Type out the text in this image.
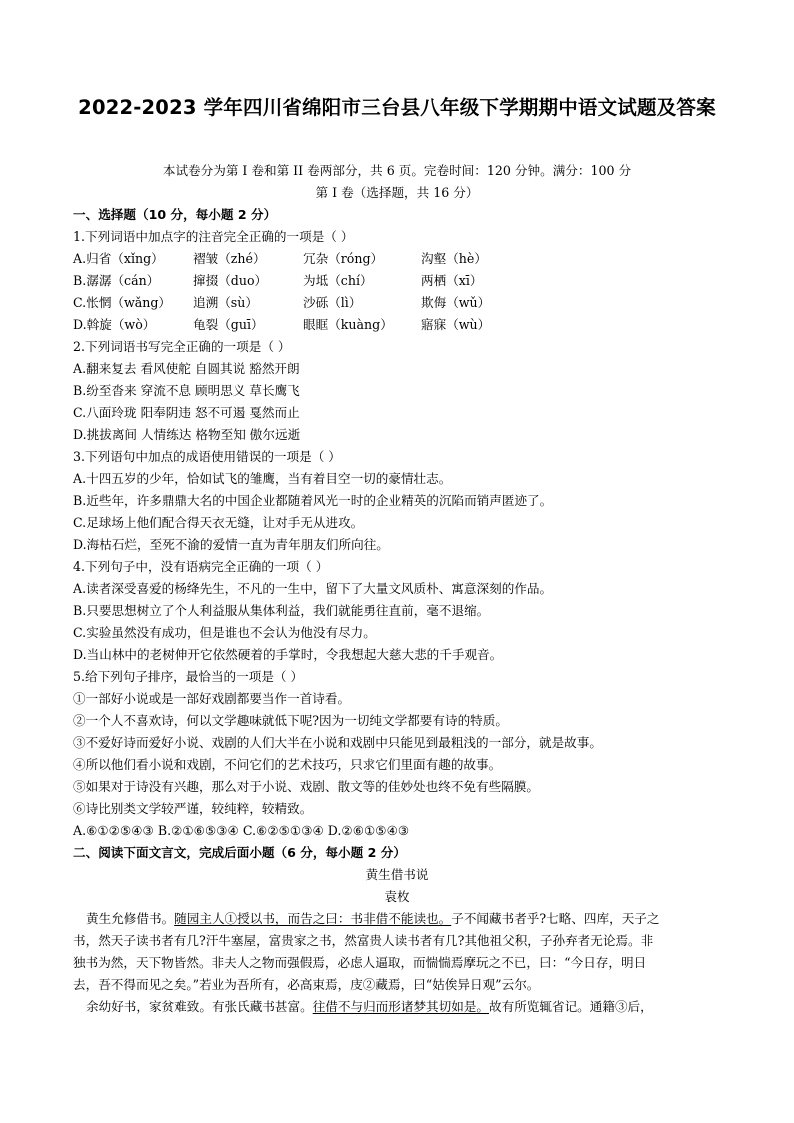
2022-2023 学年四川省绵阳市三台县八年级下学期期中语文试题及答案
本试卷分为第 I 卷和第 II 卷两部分，共 6 页。完卷时间：120 分钟。满分：100 分
第 I 卷（选择题，共 16 分）
一、选择题（10 分，每小题 2 分）
1.下列词语中加点字的注音完全正确的一项是（ ）
A.归省（xǐng） 褶皱（zhé）	冗杂（róng）	沟壑（hè）
B.潺潺（cán）	撺掇（duo）	为坻（chí）	两栖（xī）
C.怅惘（wǎng） 追溯（sù）	沙砾（lì）	欺侮（wǔ）
D.斡旋（wò）	龟裂（guī）	眼眶（kuàng） 寤寐（wù）
2.下列词语书写完全正确的一项是（ ）
A.翻来复去 看风使舵 自圆其说 豁然开朗
B.纷至沓来 穿流不息 顾明思义 草长鹰飞
C.八面玲珑 阳奉阴违 怒不可遏 戛然而止
D.挑拔离间 人情练达 格物至知 傲尔远逝
3.下列语句中加点的成语使用错误的一项是（ ）
A.十四五岁的少年，恰如试飞的雏鹰，当有着目空一切的豪情壮志。
B.近些年，许多鼎鼎大名的中国企业都随着风光一时的企业精英的沉陷而销声匿迹了。
C.足球场上他们配合得天衣无缝，让对手无从进攻。
D.海枯石烂，至死不渝的爱情一直为青年朋友们所向往。
4.下列句子中，没有语病完全正确的一项（ ）
A.读者深受喜爱的杨绛先生，不凡的一生中，留下了大量文风质朴、寓意深刻的作品。
B.只要思想树立了个人利益服从集体利益，我们就能勇往直前，毫不退缩。
C.实验虽然没有成功，但是谁也不会认为他没有尽力。
D.当山林中的老树伸开它依然硬着的手掌时，令我想起大慈大悲的千手观音。
5.给下列句子排序，最恰当的一项是（ ）
①一部好小说或是一部好戏剧都要当作一首诗看。
②一个人不喜欢诗，何以文学趣味就低下呢?因为一切纯文学都要有诗的特质。
③不爱好诗而爱好小说、戏剧的人们大半在小说和戏剧中只能见到最粗浅的一部分，就是故事。
④所以他们看小说和戏剧，不问它们的艺术技巧，只求它们里面有趣的故事。
⑤如果对于诗没有兴趣，那么对于小说、戏剧、散文等的佳妙处也终不免有些隔膜。
⑥诗比别类文学较严谨，较纯粹，较精致。
A.⑥①②⑤④③ B.②①⑥⑤③④ C.⑥②⑤①③④ D.②⑥①⑤④③
二、阅读下面文言文，完成后面小题（6 分，每小题 2 分）
黄生借书说
袁枚
黄生允修借书。随园主人①授以书，而告之曰：书非借不能读也。子不闻藏书者乎?七略、四库，天子之
书，然天子读书者有几?汗牛塞屋，富贵家之书，然富贵人读书者有几?其他祖父积，子孙弃者无论焉。非
独书为然，天下物皆然。非夫人之物而强假焉，必虑人逼取，而惴惴焉摩玩之不已，曰：“今日存，明日
去，吾不得而见之矣。”若业为吾所有，必高束焉，庋②藏焉，曰“姑俟异日观”云尔。
余幼好书，家贫难致。有张氏藏书甚富。往借不与归而形诸梦其切如是。故有所览辄省记。通籍③后，
